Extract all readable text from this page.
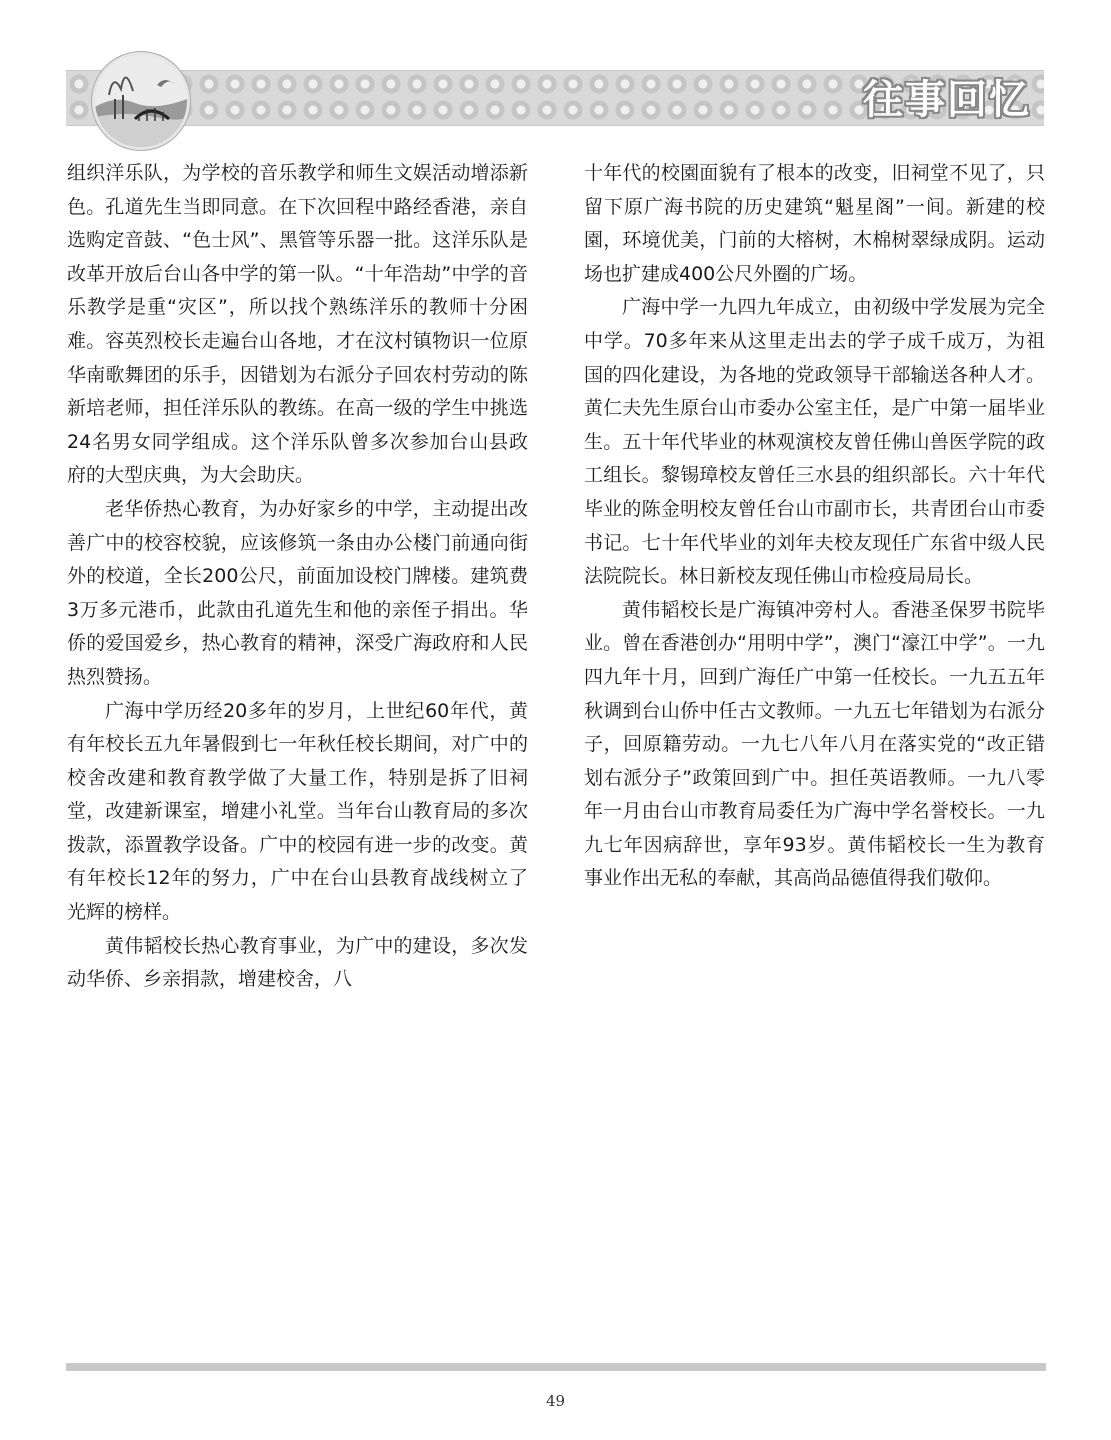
往事回忆

组织洋乐队，为学校的音乐教学和师生文娱活动增添新色。孔道先生当即同意。在下次回程中路经香港，亲自选购定音鼓、“色士风”、黑管等乐器一批。这洋乐队是改革开放后台山各中学的第一队。“十年浩劫”中学的音乐教学是重“灾区”，所以找个熟练洋乐的教师十分困难。容英烈校长走遍台山各地，才在汶村镇物识一位原华南歌舞团的乐手，因错划为右派分子回农村劳动的陈新培老师，担任洋乐队的教练。在高一级的学生中挑选24名男女同学组成。这个洋乐队曾多次参加台山县政府的大型庆典，为大会助庆。

老华侨热心教育，为办好家乡的中学，主动提出改善广中的校容校貌，应该修筑一条由办公楼门前通向街外的校道，全长200公尺，前面加设校门牌楼。建筑费3万多元港币，此款由孔道先生和他的亲侄子捐出。华侨的爱国爱乡，热心教育的精神，深受广海政府和人民热烈赞扬。

广海中学历经20多年的岁月，上世纪60年代，黄有年校长五九年暑假到七一年秋任校长期间，对广中的校舍改建和教育教学做了大量工作，特别是拆了旧祠堂，改建新课室，增建小礼堂。当年台山教育局的多次拨款，添置教学设备。广中的校园有进一步的改变。黄有年校长12年的努力，广中在台山县教育战线树立了光辉的榜样。

黄伟韬校长热心教育事业，为广中的建设，多次发动华侨、乡亲捐款，增建校舍，八

十年代的校園面貌有了根本的改变，旧祠堂不见了，只留下原广海书院的历史建筑“魁星阁”一间。新建的校園，环境优美，门前的大榕树，木棉树翠绿成阴。运动场也扩建成400公尺外圈的广场。

广海中学一九四九年成立，由初级中学发展为完全中学。70多年来从这里走出去的学子成千成万，为祖国的四化建设，为各地的党政领导干部输送各种人才。黄仁夫先生原台山市委办公室主任，是广中第一届毕业生。五十年代毕业的林观演校友曾任佛山兽医学院的政工组长。黎锡璋校友曾任三水县的组织部长。六十年代毕业的陈金明校友曾任台山市副市长，共青团台山市委书记。七十年代毕业的刘年夫校友现任广东省中级人民法院院长。林日新校友现任佛山市检疫局局长。

黄伟韬校长是广海镇冲旁村人。香港圣保罗书院毕业。曾在香港创办“用明中学”，澳门“濠江中学”。一九四九年十月，回到广海任广中第一任校长。一九五五年秋调到台山侨中任古文教师。一九五七年错划为右派分子，回原籍劳动。一九七八年八月在落实党的“改正错划右派分子”政策回到广中。担任英语教师。一九八零年一月由台山市教育局委任为广海中学名誉校长。一九九七年因病辞世，享年93岁。黄伟韬校长一生为教育事业作出无私的奉献，其高尚品德值得我们敬仰。

49
